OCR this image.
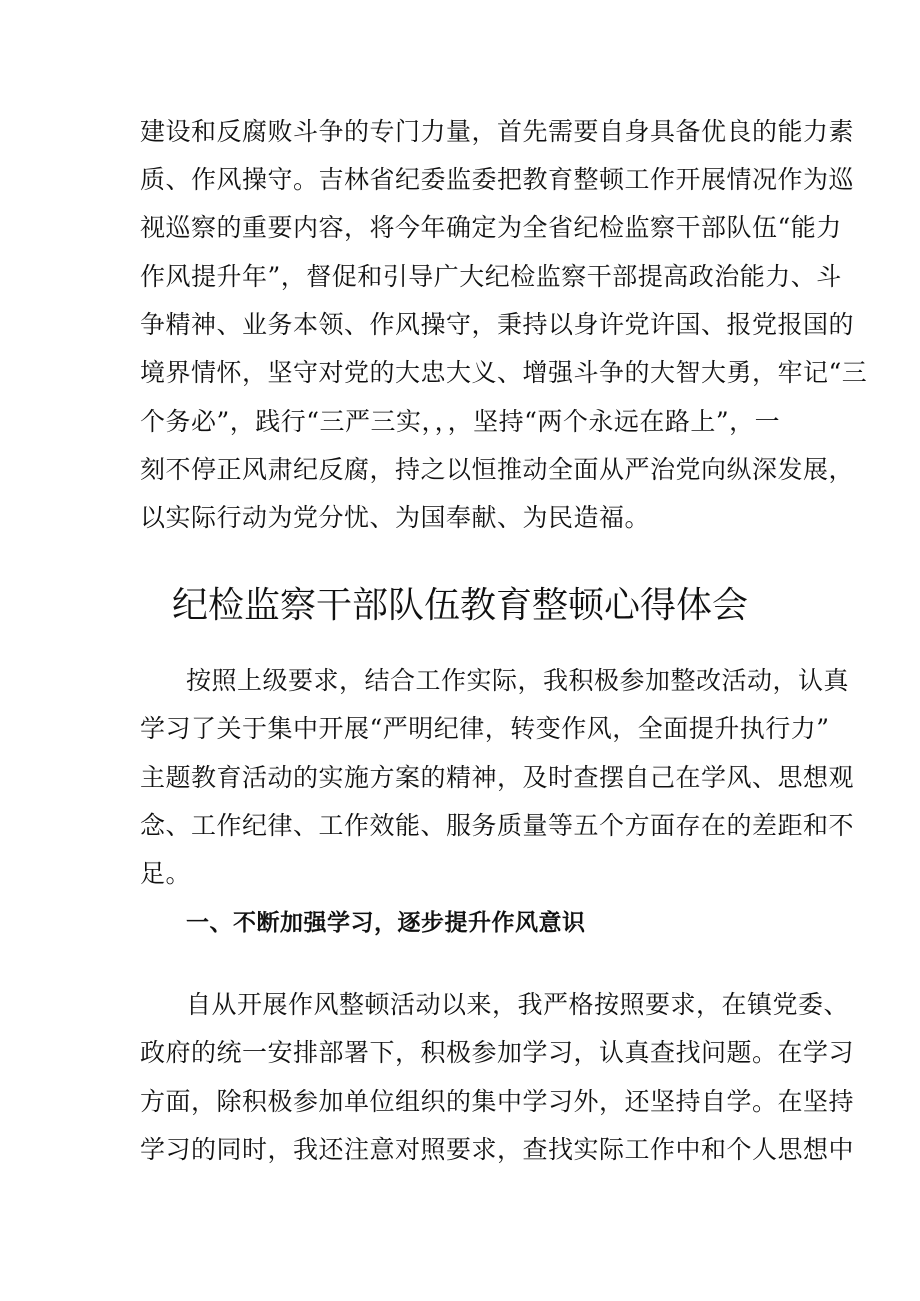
建设和反腐败斗争的专门力量，首先需要自身具备优良的能力素
质、作风操守。吉林省纪委监委把教育整顿工作开展情况作为巡
视巡察的重要内容，将今年确定为全省纪检监察干部队伍“能力
作风提升年”，督促和引导广大纪检监察干部提高政治能力、斗
争精神、业务本领、作风操守，秉持以身许党许国、报党报国的
境界情怀，坚守对党的大忠大义、增强斗争的大智大勇，牢记“三
个务必”，践行“三严三实，，，坚持“两个永远在路上”，一
刻不停正风肃纪反腐，持之以恒推动全面从严治党向纵深发展，
以实际行动为党分忧、为国奉献、为民造福。
纪检监察干部队伍教育整顿心得体会
按照上级要求，结合工作实际，我积极参加整改活动，认真
学习了关于集中开展“严明纪律，转变作风，全面提升执行力”
主题教育活动的实施方案的精神，及时查摆自己在学风、思想观
念、工作纪律、工作效能、服务质量等五个方面存在的差距和不
足。
一、不断加强学习，逐步提升作风意识
自从开展作风整顿活动以来，我严格按照要求，在镇党委、
政府的统一安排部署下，积极参加学习，认真查找问题。在学习
方面，除积极参加单位组织的集中学习外，还坚持自学。在坚持
学习的同时，我还注意对照要求，查找实际工作中和个人思想中
